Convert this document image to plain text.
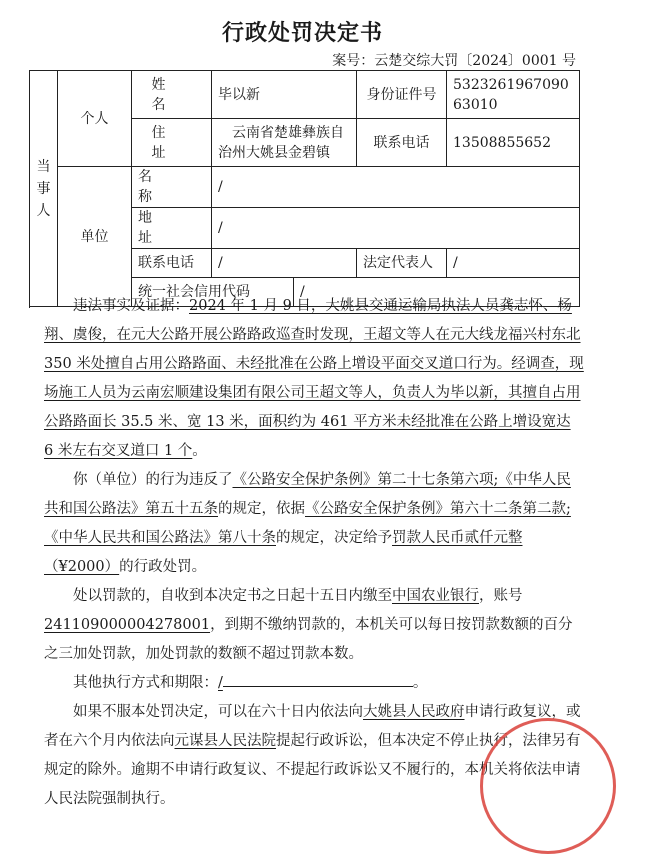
行政处罚决定书
案号：云楚交综大罚〔2024〕0001 号
当事人	个人	姓 名	毕以新		身份证件号	532326196709063010
		住 址	云南省楚雄彝族自治州大姚县金碧镇		联系电话	13508855652
	单位	名 称	/			
		地 址	/			
		联系电话	/		法定代表人	/
		统一社会信用代码		/		

违法事实及证据：2024 年 1 月 9 日，大姚县交通运输局执法人员龚志怀、杨翔、虞俊，在元大公路开展公路路政巡查时发现，王超文等人在元大线龙福兴村东北 350 米处擅自占用公路路面、未经批准在公路上增设平面交叉道口行为。经调查，现场施工人员为云南宏顺建设集团有限公司王超文等人，负责人为毕以新，其擅自占用公路路面长 35.5 米、宽 13 米，面积约为 461 平方米未经批准在公路上增设宽达 6 米左右交叉道口 1 个。

你（单位）的行为违反了《公路安全保护条例》第二十七条第六项;《中华人民共和国公路法》第五十五条的规定，依据《公路安全保护条例》第六十二条第二款;《中华人民共和国公路法》第八十条的规定，决定给予罚款人民币贰仟元整（¥2000）的行政处罚。

处以罚款的，自收到本决定书之日起十五日内缴至中国农业银行，账号241109000004278001，到期不缴纳罚款的，本机关可以每日按罚款数额的百分之三加处罚款，加处罚款的数额不超过罚款本数。

其他执行方式和期限：/	。

如果不服本处罚决定，可以在六十日内依法向大姚县人民政府申请行政复议，或者在六个月内依法向元谋县人民法院提起行政诉讼，但本决定不停止执行，法律另有规定的除外。逾期不申请行政复议、不提起行政诉讼又不履行的，本机关将依法申请人民法院强制执行。
